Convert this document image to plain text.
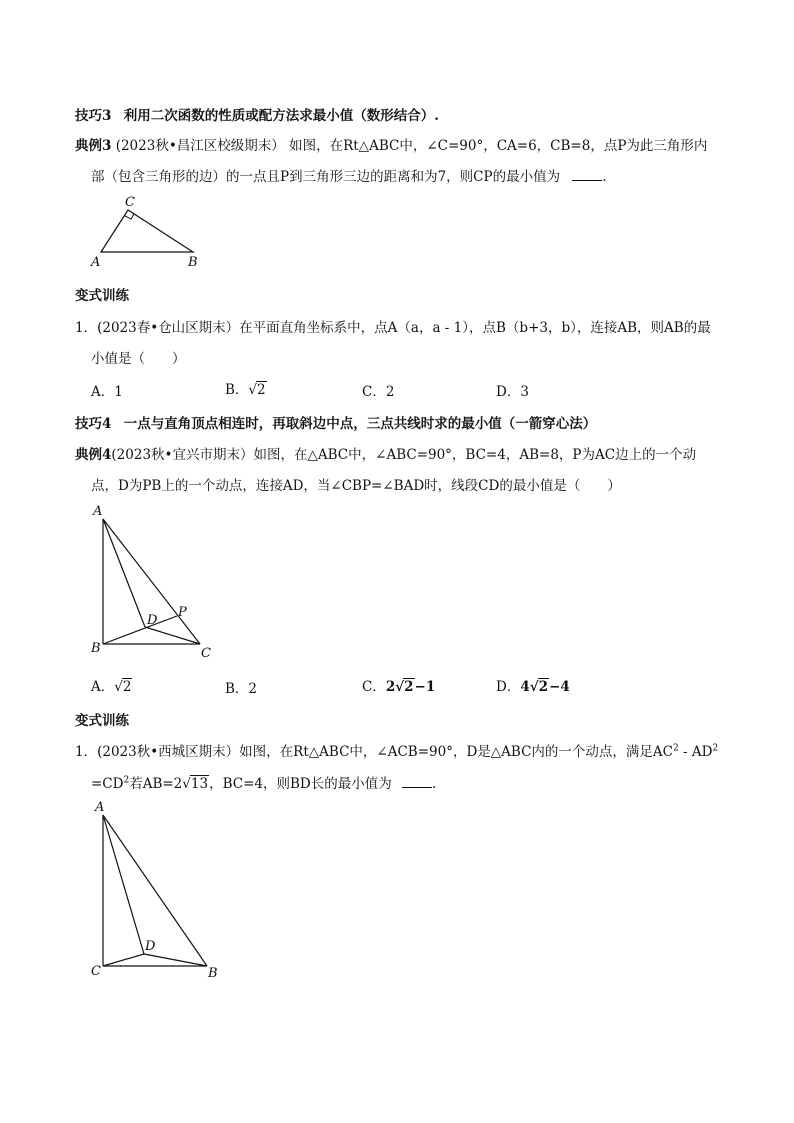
技巧3 利用二次函数的性质或配方法求最小值（数形结合）.
典例3 (2023秋•昌江区校级期末） 如图，在Rt△ABC中，∠C=90°，CA=6，CB=8，点P为此三角形内
部（包含三角形的边）的一点且P到三角形三边的距离和为7，则CP的最小值为	.
C
A	B
变式训练
1．(2023春•仓山区期末）在平面直角坐标系中，点A（a，a - 1），点B（b+3，b），连接AB，则AB的最
小值是（　　）
A．1	B．√2	C．2	D．3
技巧4 一点与直角顶点相连时，再取斜边中点，三点共线时求的最小值（一箭穿心法）
典例4(2023秋•宜兴市期末）如图，在△ABC中，∠ABC=90°，BC=4，AB=8，P为AC边上的一个动
点，D为PB上的一个动点，连接AD，当∠CBP=∠BAD时，线段CD的最小值是（　　）
A
D
P
B	C
A．√2	B．2	C．2√2−1	D．4√2−4
变式训练
1．(2023秋•西城区期末）如图，在Rt△ABC中，∠ACB=90°，D是△ABC内的一个动点，满足$AC^2 - AD^2$
$=CD^2$若AB=2√13，BC=4，则BD长的最小值为	.
A
D
C	B
